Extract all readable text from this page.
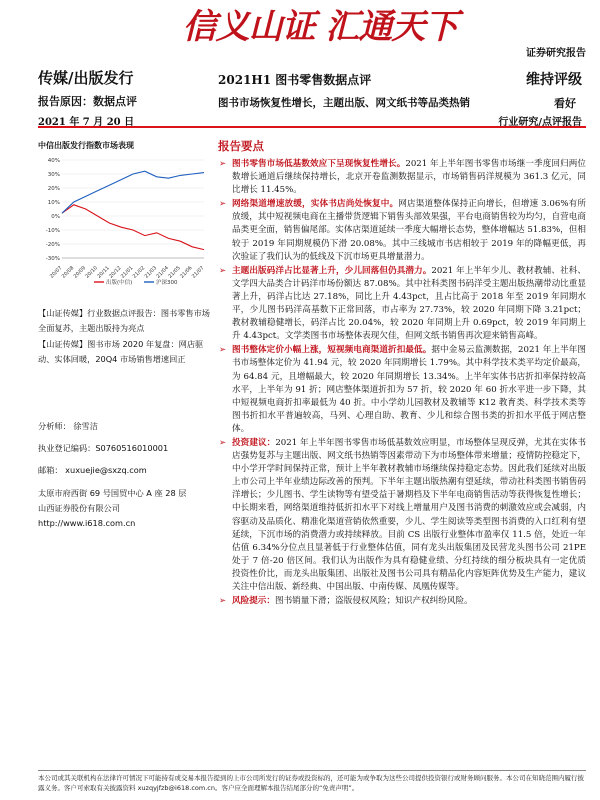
信义山证 汇通天下
证券研究报告
传媒/出版发行	2021H1 图书零售数据点评	维持评级
报告原因：数据点评	图书市场恢复性增长，主题出版、网文纸书等品类热销	看好
2021 年 7 月 20 日	行业研究/点评报告
中信出版发行指数市场表现
40%
30%
20%
10%
0%
-10%
-20%
-30%
20/07
20/08
20/09
20/10
20/11
20/12
21/01
21/02
21/03
21/04
21/05
21/06
21/07
出版(中信)	沪深300

【山证传媒】行业数据点评报告：图书零售市场全面复苏，主题出版持为亮点

【山证传媒】图书市场 2020 年复盘：网店驱动、实体回暖，20Q4 市场销售增速回正

分析师： 徐雪洁

执业登记编码：S0760516010001

邮箱： xuxuejie@sxzq.com

太原市府西街 69 号国贸中心 A 座 28 层
山西证券股份有限公司
http://www.i618.com.cn
报告要点
➢ 图书零售市场低基数效应下呈现恢复性增长。2021 年上半年图书零售市场继一季度回归两位数增长通道后继续保持增长，北京开卷监测数据显示，市场销售码洋规模为 361.3 亿元，同比增长 11.45%。
➢ 网络渠道增速放缓，实体书店尚处恢复中。网店渠道整体保持正向增长，但增速 3.06%有所放缓，其中短视频电商在主播带货逻辑下销售头部效果强，平台电商销售较为均匀，自营电商品类更全面，销售偏尾部。实体店渠道延续一季度大幅增长态势，整体增幅达 51.83%，但相较于 2019 年同期规模仍下滑 20.08%。其中三线城市书店相较于 2019 年的降幅更低，再次验证了我们认为的低线及下沉市场更具增量潜力。
➢ 主题出版码洋占比显著上升，少儿回落但仍具潜力。2021 年上半年少儿、教材教辅、社科、文学四大品类合计码洋市场份额达 87.08%。其中社科类图书码洋受主题出版热潮带动比重显著上升，码洋占比达 27.18%，同比上升 4.43pct，且占比高于 2018 年至 2019 年同期水平，少儿图书码洋高基数下正常回落，市占率为 27.73%，较 2020 年同期下降 3.21pct；教材教辅稳健增长，码洋占比 20.04%，较 2020 年同期上升 0.69pct，较 2019 年同期上升 4.43pct。文学类图书市场整体表现欠佳，但网文纸书销售再次迎来销售高峰。
➢ 图书整体定价小幅上涨，短视频电商渠道折扣最低。据中金易云监测数据，2021 年上半年图书市场整体定价为 41.94 元，较 2020 年同期增长 1.79%。其中科学技术类平均定价最高，为 64.84 元，且增幅最大，较 2020 年同期增长 13.34%。上半年实体书店折扣率保持较高水平，上半年为 91 折；网店整体渠道折扣为 57 折，较 2020 年 60 折水平进一步下降，其中短视频电商折扣率最低为 40 折。中小学幼儿园教材及教辅等 K12 教育类、科学技术类等图书折扣水平普遍较高，马列、心理自助、教育、少儿和综合图书类的折扣水平低于网店整体。
➢ 投资建议：2021 年上半年图书零售市场低基数效应明显，市场整体呈现反弹，尤其在实体书店强势复苏与主题出版、网文纸书热销等因素带动下为市场整体带来增量；疫情防控稳定下，中小学开学时间保持正常，预计上半年教材教辅市场继续保持稳定态势。因此我们延续对出版上市公司上半年业绩边际改善的预判。下半年主题出版热潮有望延续，带动社科类图书销售码洋增长；少儿图书、学生读物等有望受益于暑期档及下半年电商销售活动等获得恢复性增长；中长期来看，网络渠道维持低折扣水平下对线上增量用户及图书消费的刺激效应或会减弱，内容驱动及品质化、精准化渠道营销依然重要，少儿、学生阅读等类型图书消费的入口红利有望延续，下沉市场的消费潜力或持续释放。目前 CS 出版行业整体市盈率仅 11.5 倍，处近一年估值 6.34%分位点且显著低于行业整体估值，同有龙头出版集团及民营龙头图书公司 21PE 处于 7 倍-20 倍区间。我们认为出版作为具有稳健业绩、分红持续的细分板块具有一定优质投资性价比，而龙头出版集团、出版社及图书公司具有精品化内容矩阵优势及生产能力，建议关注中信出版、新经典、中国出版、中南传媒、凤凰传媒等。
➢ 风险提示：图书销量下滑；盗版侵权风险；知识产权纠纷风险。
本公司或其关联机构在法律许可情况下可能持有或交易本报告提到的上市公司所发行的证券或投资标的，还可能为或争取为这些公司提供投资银行或财务顾问服务。本公司在知晓范围内履行披露义务。客户可索取有关披露资料 xuzqyjfzb@i618.com.cn。客户应全面理解本报告结尾部分的“免责声明”。
